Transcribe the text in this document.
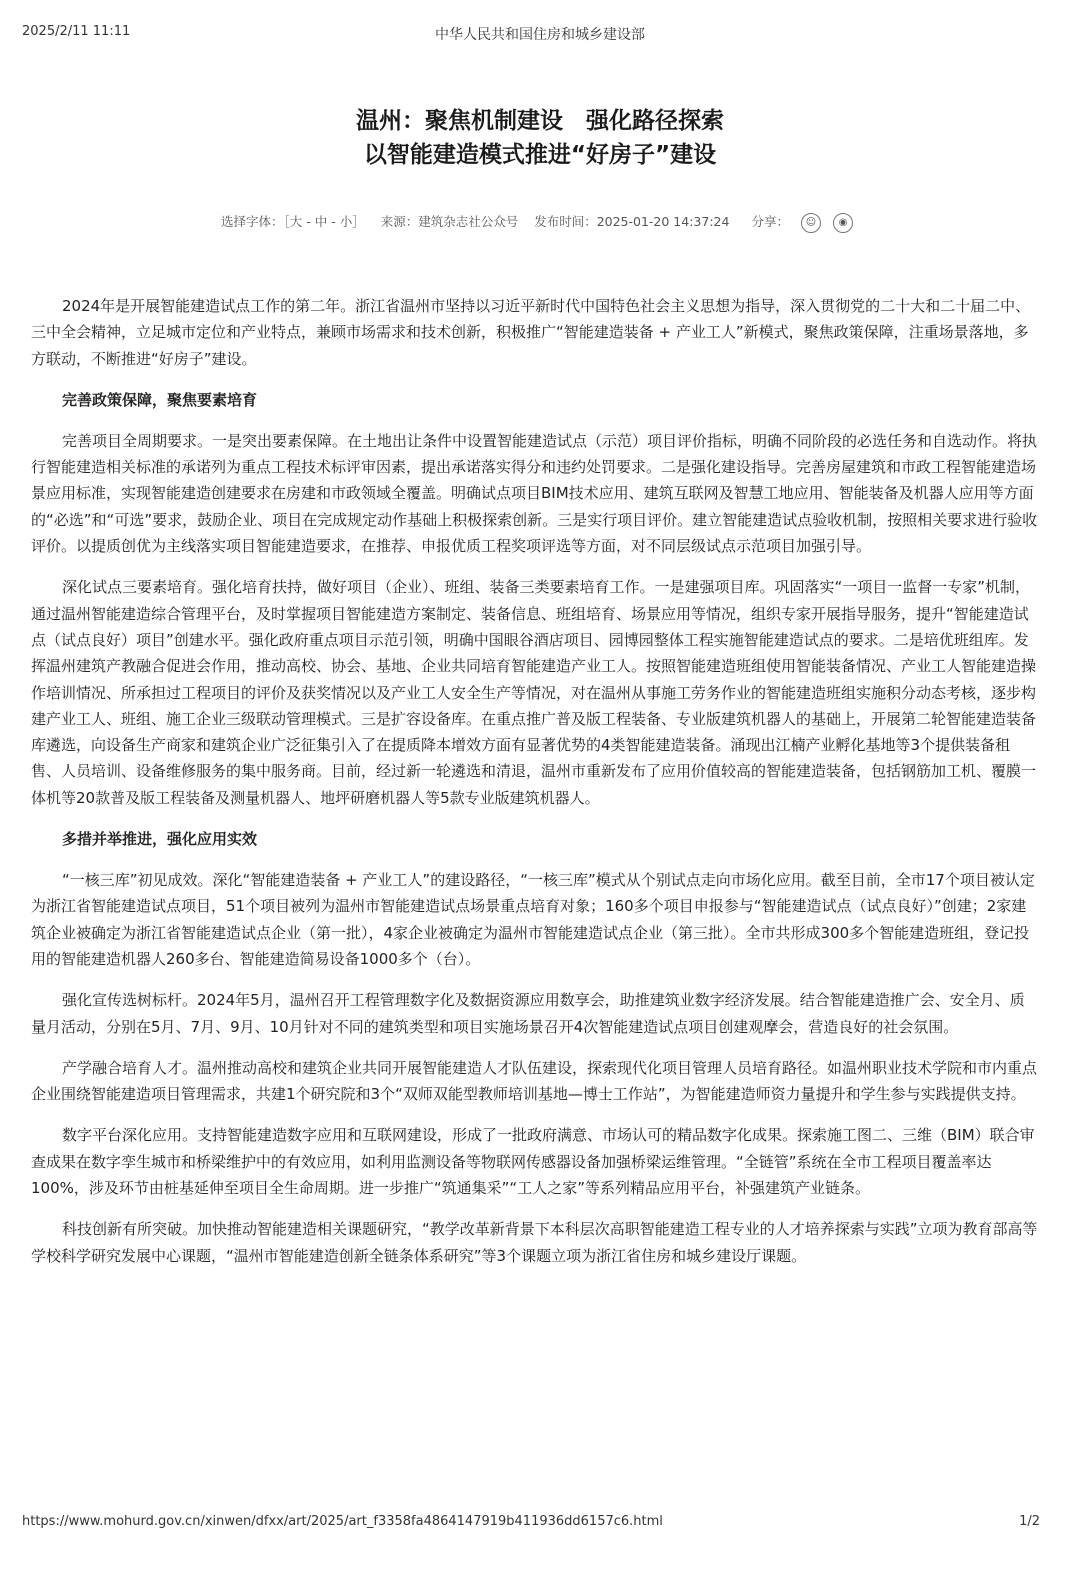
2025/2/11 11:11	中华人民共和国住房和城乡建设部
温州：聚焦机制建设　强化路径探索
以智能建造模式推进“好房子”建设
选择字体：［大 - 中 - 小］ 来源：建筑杂志社公众号 发布时间：2025-01-20 14:37:24 分享： ☺ ◉

2024年是开展智能建造试点工作的第二年。浙江省温州市坚持以习近平新时代中国特色社会主义思想为指导，深入贯彻党的二十大和二十届二中、三中全会精神，立足城市定位和产业特点，兼顾市场需求和技术创新，积极推广“智能建造装备 + 产业工人”新模式，聚焦政策保障，注重场景落地，多方联动，不断推进“好房子”建设。

完善政策保障，聚焦要素培育

完善项目全周期要求。一是突出要素保障。在土地出让条件中设置智能建造试点（示范）项目评价指标，明确不同阶段的必选任务和自选动作。将执行智能建造相关标准的承诺列为重点工程技术标评审因素，提出承诺落实得分和违约处罚要求。二是强化建设指导。完善房屋建筑和市政工程智能建造场景应用标准，实现智能建造创建要求在房建和市政领域全覆盖。明确试点项目BIM技术应用、建筑互联网及智慧工地应用、智能装备及机器人应用等方面的“必选”和“可选”要求，鼓励企业、项目在完成规定动作基础上积极探索创新。三是实行项目评价。建立智能建造试点验收机制，按照相关要求进行验收评价。以提质创优为主线落实项目智能建造要求，在推荐、申报优质工程奖项评选等方面，对不同层级试点示范项目加强引导。

深化试点三要素培育。强化培育扶持，做好项目（企业）、班组、装备三类要素培育工作。一是建强项目库。巩固落实“一项目一监督一专家”机制，通过温州智能建造综合管理平台，及时掌握项目智能建造方案制定、装备信息、班组培育、场景应用等情况，组织专家开展指导服务，提升“智能建造试点（试点良好）项目”创建水平。强化政府重点项目示范引领，明确中国眼谷酒店项目、园博园整体工程实施智能建造试点的要求。二是培优班组库。发挥温州建筑产教融合促进会作用，推动高校、协会、基地、企业共同培育智能建造产业工人。按照智能建造班组使用智能装备情况、产业工人智能建造操作培训情况、所承担过工程项目的评价及获奖情况以及产业工人安全生产等情况，对在温州从事施工劳务作业的智能建造班组实施积分动态考核，逐步构建产业工人、班组、施工企业三级联动管理模式。三是扩容设备库。在重点推广普及版工程装备、专业版建筑机器人的基础上，开展第二轮智能建造装备库遴选，向设备生产商家和建筑企业广泛征集引入了在提质降本增效方面有显著优势的4类智能建造装备。涌现出江楠产业孵化基地等3个提供装备租售、人员培训、设备维修服务的集中服务商。目前，经过新一轮遴选和清退，温州市重新发布了应用价值较高的智能建造装备，包括钢筋加工机、覆膜一体机等20款普及版工程装备及测量机器人、地坪研磨机器人等5款专业版建筑机器人。

多措并举推进，强化应用实效

“一核三库”初见成效。深化“智能建造装备 + 产业工人”的建设路径，“一核三库”模式从个别试点走向市场化应用。截至目前，全市17个项目被认定为浙江省智能建造试点项目，51个项目被列为温州市智能建造试点场景重点培育对象；160多个项目申报参与“智能建造试点（试点良好）”创建；2家建筑企业被确定为浙江省智能建造试点企业（第一批），4家企业被确定为温州市智能建造试点企业（第三批）。全市共形成300多个智能建造班组，登记投用的智能建造机器人260多台、智能建造简易设备1000多个（台）。

强化宣传选树标杆。2024年5月，温州召开工程管理数字化及数据资源应用数享会，助推建筑业数字经济发展。结合智能建造推广会、安全月、质量月活动，分别在5月、7月、9月、10月针对不同的建筑类型和项目实施场景召开4次智能建造试点项目创建观摩会，营造良好的社会氛围。

产学融合培育人才。温州推动高校和建筑企业共同开展智能建造人才队伍建设，探索现代化项目管理人员培育路径。如温州职业技术学院和市内重点企业围绕智能建造项目管理需求，共建1个研究院和3个“双师双能型教师培训基地—博士工作站”，为智能建造师资力量提升和学生参与实践提供支持。

数字平台深化应用。支持智能建造数字应用和互联网建设，形成了一批政府满意、市场认可的精品数字化成果。探索施工图二、三维（BIM）联合审查成果在数字孪生城市和桥梁维护中的有效应用，如利用监测设备等物联网传感器设备加强桥梁运维管理。“全链管”系统在全市工程项目覆盖率达100%，涉及环节由桩基延伸至项目全生命周期。进一步推广“筑通集采”“工人之家”等系列精品应用平台，补强建筑产业链条。

科技创新有所突破。加快推动智能建造相关课题研究，“教学改革新背景下本科层次高职智能建造工程专业的人才培养探索与实践”立项为教育部高等学校科学研究发展中心课题，“温州市智能建造创新全链条体系研究”等3个课题立项为浙江省住房和城乡建设厅课题。

https://www.mohurd.gov.cn/xinwen/dfxx/art/2025/art_f3358fa4864147919b411936dd6157c6.html	1/2
